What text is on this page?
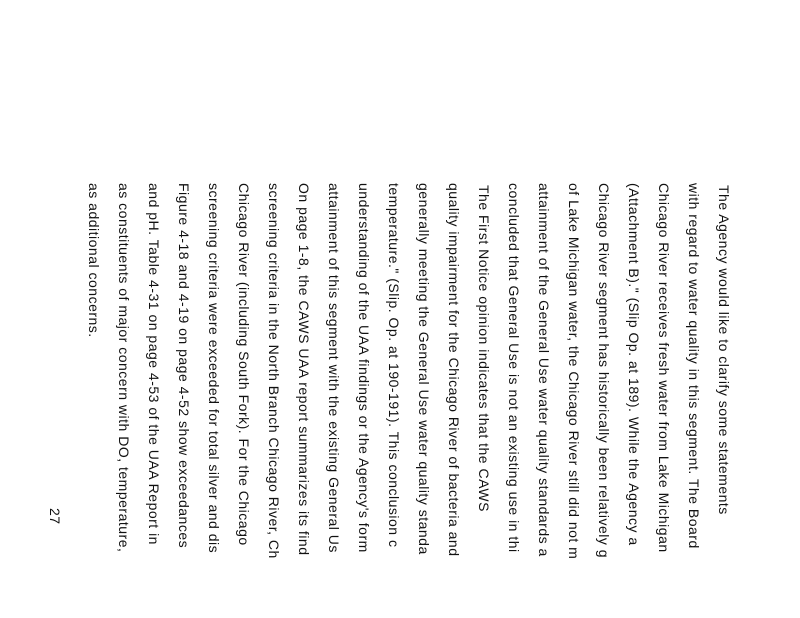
The Agency would like to clarify some statements
with regard to water quality in this segment. The Board
Chicago River receives fresh water from Lake Michigan
(Attachment B)." (Slip Op. at 189). While the Agency a
Chicago River segment has historically been relatively g
of Lake Michigan water, the Chicago River still did not m
attainment of the General Use water quality standards a
concluded that General Use is not an existing use in thi
The First Notice opinion indicates that the CAWS
quality impairment for the Chicago River of bacteria and
generally meeting the General Use water quality standa
temperature." (Slip. Op. at 190-191). This conclusion c
understanding of the UAA findings or the Agency's form
attainment of this segment with the existing General Us
On page 1-8, the CAWS UAA report summarizes its find
screening criteria in the North Branch Chicago River, Ch
Chicago River (including South Fork). For the Chicago
screening criteria were exceeded for total silver and dis
Figure 4-18 and 4-19 on page 4-52 show exceedances
and pH. Table 4-31 on page 4-53 of the UAA Report in
as constituents of major concern with DO, temperature,
as additional concerns.
27
